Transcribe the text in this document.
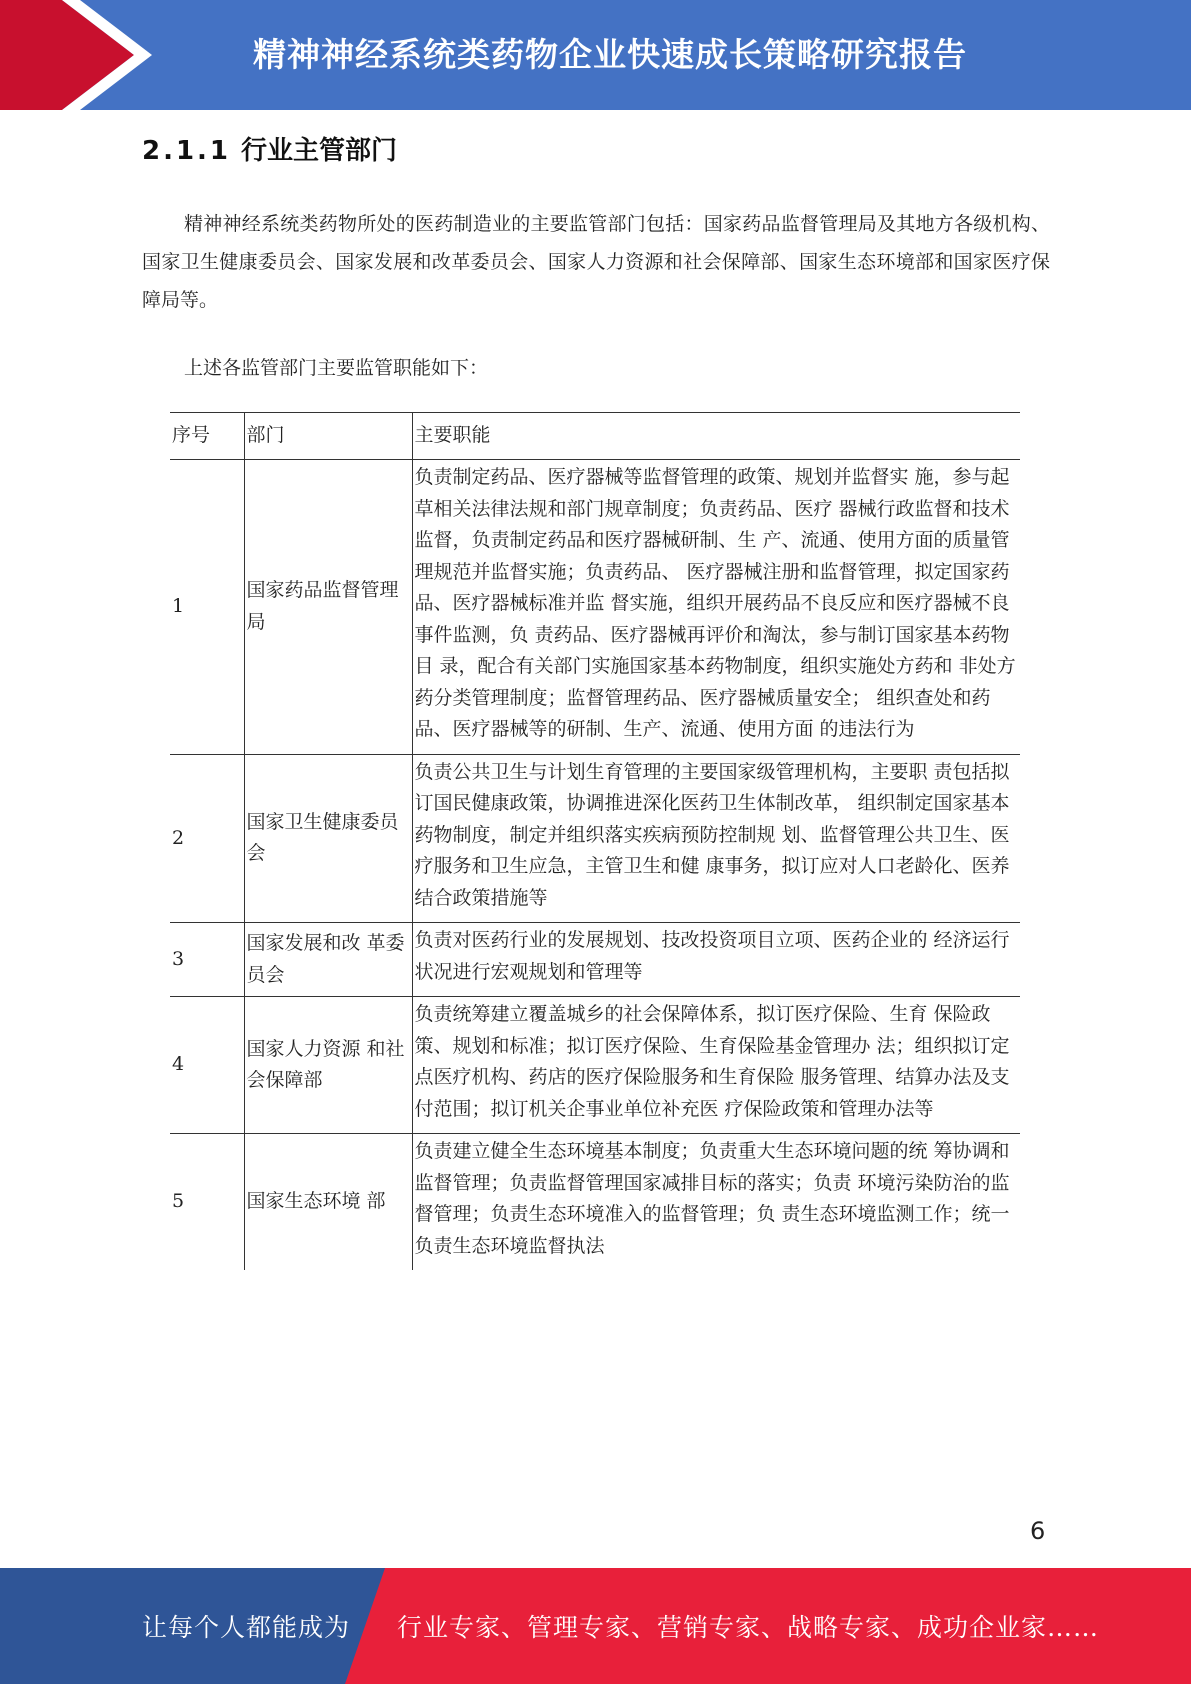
精神神经系统类药物企业快速成长策略研究报告
2.1.1 行业主管部门
精神神经系统类药物所处的医药制造业的主要监管部门包括：国家药品监督管理局及其地方各级机构、国家卫生健康委员会、国家发展和改革委员会、国家人力资源和社会保障部、国家生态环境部和国家医疗保障局等。
上述各监管部门主要监管职能如下：
序号	部门	主要职能
1	国家药品监督管理局	负责制定药品、医疗器械等监督管理的政策、规划并监督实 施，参与起草相关法律法规和部门规章制度；负责药品、医疗 器械行政监督和技术监督，负责制定药品和医疗器械研制、生 产、流通、使用方面的质量管理规范并监督实施；负责药品、 医疗器械注册和监督管理，拟定国家药品、医疗器械标准并监 督实施，组织开展药品不良反应和医疗器械不良事件监测，负 责药品、医疗器械再评价和淘汰，参与制订国家基本药物目 录，配合有关部门实施国家基本药物制度，组织实施处方药和 非处方药分类管理制度；监督管理药品、医疗器械质量安全； 组织查处和药品、医疗器械等的研制、生产、流通、使用方面 的违法行为
2	国家卫生健康委员会	负责公共卫生与计划生育管理的主要国家级管理机构，主要职 责包括拟订国民健康政策，协调推进深化医药卫生体制改革， 组织制定国家基本药物制度，制定并组织落实疾病预防控制规 划、监督管理公共卫生、医疗服务和卫生应急，主管卫生和健 康事务，拟订应对人口老龄化、医养结合政策措施等
3	国家发展和改 革委员会	负责对医药行业的发展规划、技改投资项目立项、医药企业的 经济运行状况进行宏观规划和管理等
4	国家人力资源 和社会保障部	负责统筹建立覆盖城乡的社会保障体系，拟订医疗保险、生育 保险政策、规划和标准；拟订医疗保险、生育保险基金管理办 法；组织拟订定点医疗机构、药店的医疗保险服务和生育保险 服务管理、结算办法及支付范围；拟订机关企事业单位补充医 疗保险政策和管理办法等
5	国家生态环境 部	负责建立健全生态环境基本制度；负责重大生态环境问题的统 筹协调和监督管理；负责监督管理国家减排目标的落实；负责 环境污染防治的监督管理；负责生态环境准入的监督管理；负 责生态环境监测工作；统一负责生态环境监督执法
6
让每个人都能成为 行业专家、管理专家、营销专家、战略专家、成功企业家……
